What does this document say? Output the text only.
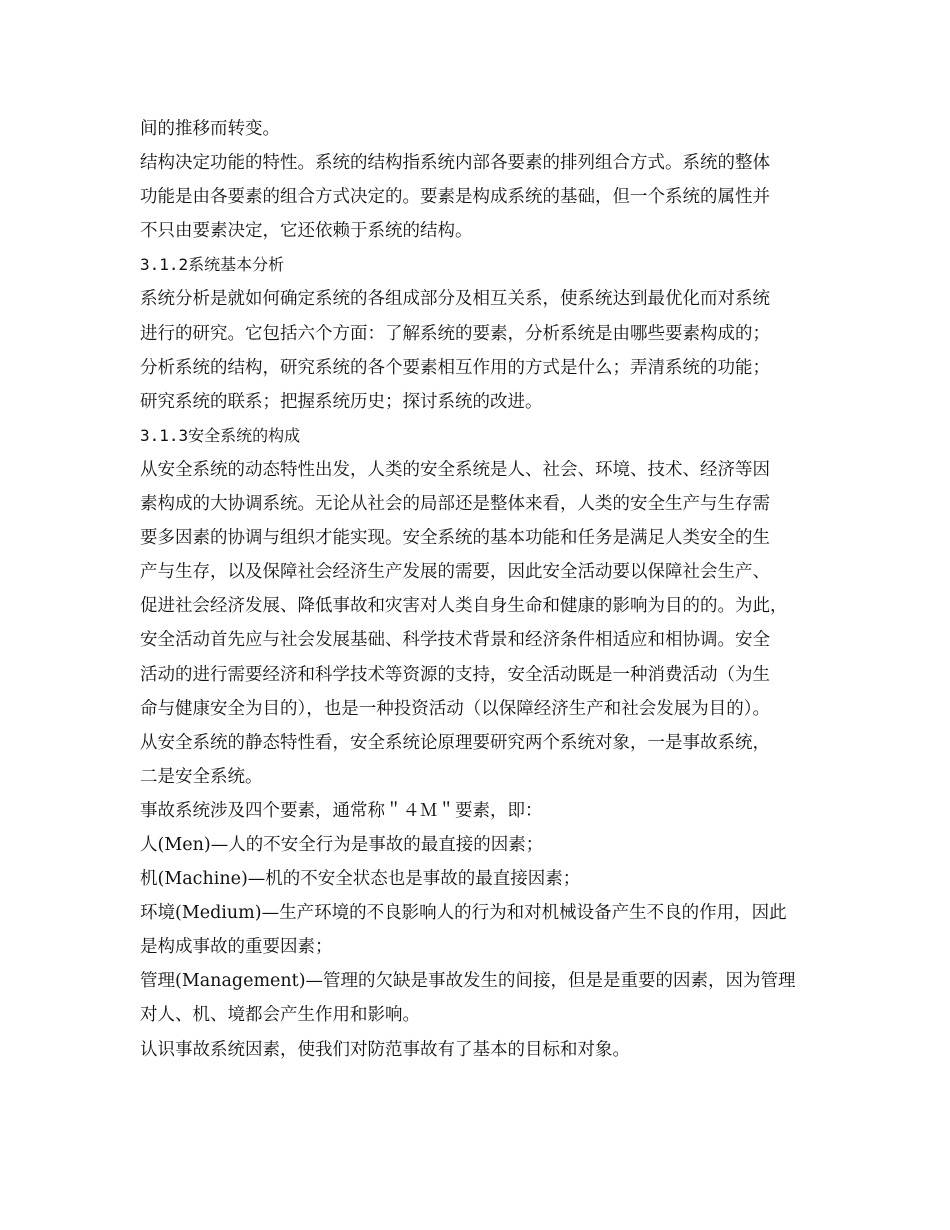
间的推移而转变。
结构决定功能的特性。系统的结构指系统内部各要素的排列组合方式。系统的整体
功能是由各要素的组合方式决定的。要素是构成系统的基础，但一个系统的属性并
不只由要素决定，它还依赖于系统的结构。
3.1.2系统基本分析
系统分析是就如何确定系统的各组成部分及相互关系，使系统达到最优化而对系统
进行的研究。它包括六个方面：了解系统的要素，分析系统是由哪些要素构成的；
分析系统的结构，研究系统的各个要素相互作用的方式是什么；弄清系统的功能；
研究系统的联系；把握系统历史；探讨系统的改进。
3.1.3安全系统的构成
从安全系统的动态特性出发，人类的安全系统是人、社会、环境、技术、经济等因
素构成的大协调系统。无论从社会的局部还是整体来看，人类的安全生产与生存需
要多因素的协调与组织才能实现。安全系统的基本功能和任务是满足人类安全的生
产与生存，以及保障社会经济生产发展的需要，因此安全活动要以保障社会生产、
促进社会经济发展、降低事故和灾害对人类自身生命和健康的影响为目的的。为此，
安全活动首先应与社会发展基础、科学技术背景和经济条件相适应和相协调。安全
活动的进行需要经济和科学技术等资源的支持，安全活动既是一种消费活动（为生
命与健康安全为目的），也是一种投资活动（以保障经济生产和社会发展为目的）。
从安全系统的静态特性看，安全系统论原理要研究两个系统对象，一是事故系统，
二是安全系统。
事故系统涉及四个要素，通常称＂４Ｍ＂要素，即：
人(Men)—人的不安全行为是事故的最直接的因素；
机(Machine)—机的不安全状态也是事故的最直接因素；
环境(Medium)—生产环境的不良影响人的行为和对机械设备产生不良的作用，因此
是构成事故的重要因素；
管理(Management)—管理的欠缺是事故发生的间接，但是是重要的因素，因为管理
对人、机、境都会产生作用和影响。
认识事故系统因素，使我们对防范事故有了基本的目标和对象。
